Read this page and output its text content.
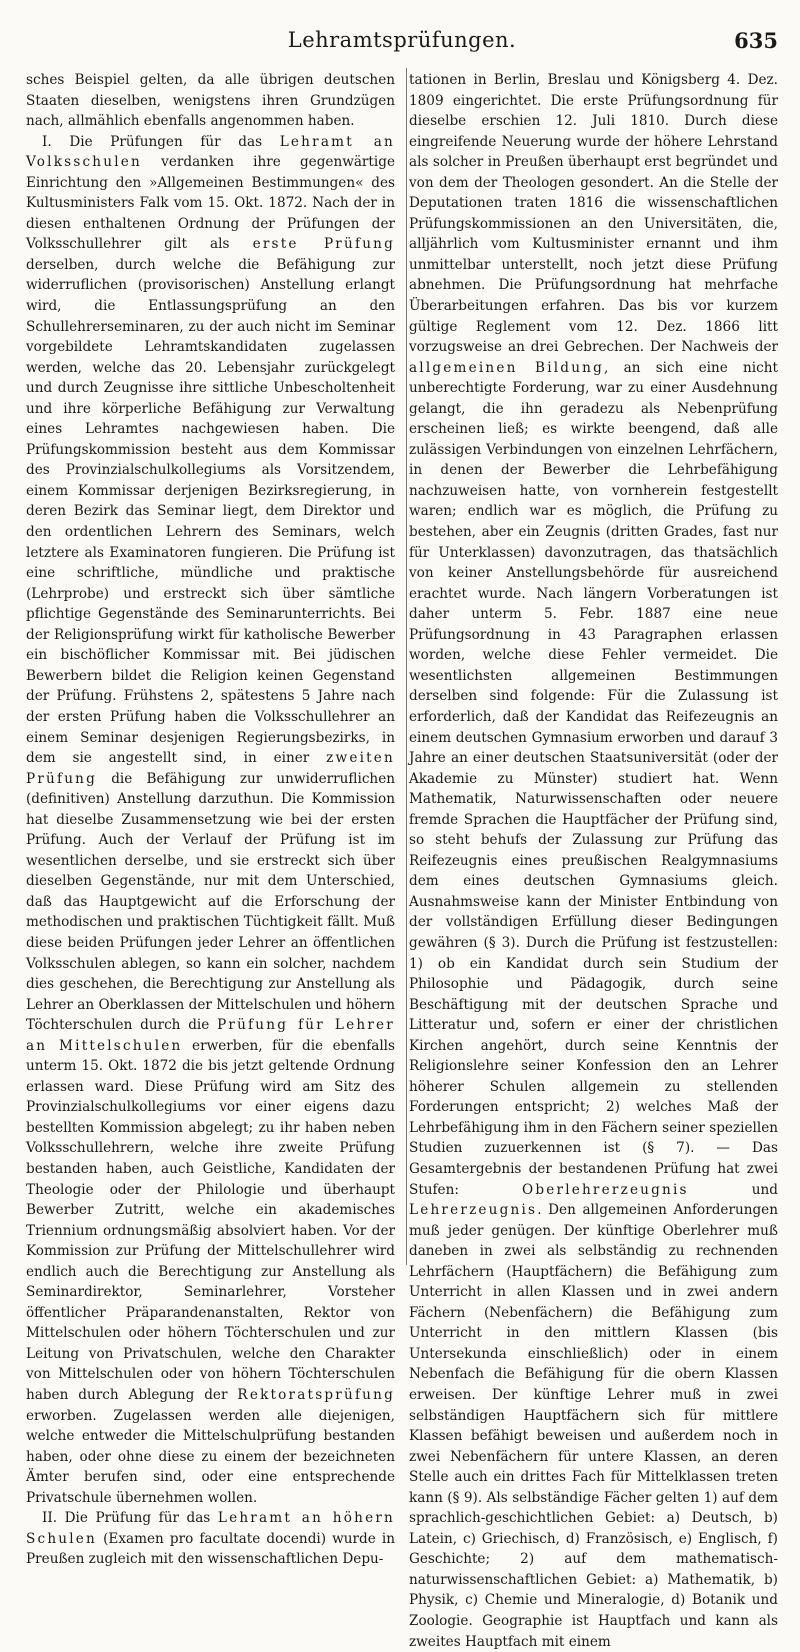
Lehramtsprüfungen.	635

sches Beispiel gelten, da alle übrigen deutschen Staaten dieselben, wenigstens ihren Grundzügen nach, allmählich ebenfalls angenommen haben.

I. Die Prüfungen für das Lehramt an Volksschulen verdanken ihre gegenwärtige Einrichtung den »Allgemeinen Bestimmungen« des Kultusministers Falk vom 15. Okt. 1872. Nach der in diesen enthaltenen Ordnung der Prüfungen der Volksschullehrer gilt als erste Prüfung derselben, durch welche die Befähigung zur widerruflichen (provisorischen) Anstellung erlangt wird, die Entlassungsprüfung an den Schullehrerseminaren, zu der auch nicht im Seminar vorgebildete Lehramtskandidaten zugelassen werden, welche das 20. Lebensjahr zurückgelegt und durch Zeugnisse ihre sittliche Unbescholtenheit und ihre körperliche Befähigung zur Verwaltung eines Lehramtes nachgewiesen haben. Die Prüfungskommission besteht aus dem Kommissar des Provinzialschulkollegiums als Vorsitzendem, einem Kommissar derjenigen Bezirksregierung, in deren Bezirk das Seminar liegt, dem Direktor und den ordentlichen Lehrern des Seminars, welch letztere als Examinatoren fungieren. Die Prüfung ist eine schriftliche, mündliche und praktische (Lehrprobe) und erstreckt sich über sämtliche pflichtige Gegenstände des Seminarunterrichts. Bei der Religionsprüfung wirkt für katholische Bewerber ein bischöflicher Kommissar mit. Bei jüdischen Bewerbern bildet die Religion keinen Gegenstand der Prüfung. Frühstens 2, spätestens 5 Jahre nach der ersten Prüfung haben die Volksschullehrer an einem Seminar desjenigen Regierungsbezirks, in dem sie angestellt sind, in einer zweiten Prüfung die Befähigung zur unwiderruflichen (definitiven) Anstellung darzuthun. Die Kommission hat dieselbe Zusammensetzung wie bei der ersten Prüfung. Auch der Verlauf der Prüfung ist im wesentlichen derselbe, und sie erstreckt sich über dieselben Gegenstände, nur mit dem Unterschied, daß das Hauptgewicht auf die Erforschung der methodischen und praktischen Tüchtigkeit fällt. Muß diese beiden Prüfungen jeder Lehrer an öffentlichen Volksschulen ablegen, so kann ein solcher, nachdem dies geschehen, die Berechtigung zur Anstellung als Lehrer an Oberklassen der Mittelschulen und höhern Töchterschulen durch die Prüfung für Lehrer an Mittelschulen erwerben, für die ebenfalls unterm 15. Okt. 1872 die bis jetzt geltende Ordnung erlassen ward. Diese Prüfung wird am Sitz des Provinzialschulkollegiums vor einer eigens dazu bestellten Kommission abgelegt; zu ihr haben neben Volksschullehrern, welche ihre zweite Prüfung bestanden haben, auch Geistliche, Kandidaten der Theologie oder der Philologie und überhaupt Bewerber Zutritt, welche ein akademisches Triennium ordnungsmäßig absolviert haben. Vor der Kommission zur Prüfung der Mittelschullehrer wird endlich auch die Berechtigung zur Anstellung als Seminardirektor, Seminarlehrer, Vorsteher öffentlicher Präparandenanstalten, Rektor von Mittelschulen oder höhern Töchterschulen und zur Leitung von Privatschulen, welche den Charakter von Mittelschulen oder von höhern Töchterschulen haben durch Ablegung der Rektoratsprüfung erworben. Zugelassen werden alle diejenigen, welche entweder die Mittelschulprüfung bestanden haben, oder ohne diese zu einem der bezeichneten Ämter berufen sind, oder eine entsprechende Privatschule übernehmen wollen.

II. Die Prüfung für das Lehramt an höhern Schulen (Examen pro facultate docendi) wurde in Preußen zugleich mit den wissenschaftlichen Depu-

tationen in Berlin, Breslau und Königsberg 4. Dez. 1809 eingerichtet. Die erste Prüfungsordnung für dieselbe erschien 12. Juli 1810. Durch diese eingreifende Neuerung wurde der höhere Lehrstand als solcher in Preußen überhaupt erst begründet und von dem der Theologen gesondert. An die Stelle der Deputationen traten 1816 die wissenschaftlichen Prüfungskommissionen an den Universitäten, die, alljährlich vom Kultusminister ernannt und ihm unmittelbar unterstellt, noch jetzt diese Prüfung abnehmen. Die Prüfungsordnung hat mehrfache Überarbeitungen erfahren. Das bis vor kurzem gültige Reglement vom 12. Dez. 1866 litt vorzugsweise an drei Gebrechen. Der Nachweis der allgemeinen Bildung, an sich eine nicht unberechtigte Forderung, war zu einer Ausdehnung gelangt, die ihn geradezu als Nebenprüfung erscheinen ließ; es wirkte beengend, daß alle zulässigen Verbindungen von einzelnen Lehrfächern, in denen der Bewerber die Lehrbefähigung nachzuweisen hatte, von vornherein festgestellt waren; endlich war es möglich, die Prüfung zu bestehen, aber ein Zeugnis (dritten Grades, fast nur für Unterklassen) davonzutragen, das thatsächlich von keiner Anstellungsbehörde für ausreichend erachtet wurde. Nach längern Vorberatungen ist daher unterm 5. Febr. 1887 eine neue Prüfungsordnung in 43 Paragraphen erlassen worden, welche diese Fehler vermeidet. Die wesentlichsten allgemeinen Bestimmungen derselben sind folgende: Für die Zulassung ist erforderlich, daß der Kandidat das Reifezeugnis an einem deutschen Gymnasium erworben und darauf 3 Jahre an einer deutschen Staatsuniversität (oder der Akademie zu Münster) studiert hat. Wenn Mathematik, Naturwissenschaften oder neuere fremde Sprachen die Hauptfächer der Prüfung sind, so steht behufs der Zulassung zur Prüfung das Reifezeugnis eines preußischen Realgymnasiums dem eines deutschen Gymnasiums gleich. Ausnahmsweise kann der Minister Entbindung von der vollständigen Erfüllung dieser Bedingungen gewähren (§ 3). Durch die Prüfung ist festzustellen: 1) ob ein Kandidat durch sein Studium der Philosophie und Pädagogik, durch seine Beschäftigung mit der deutschen Sprache und Litteratur und, sofern er einer der christlichen Kirchen angehört, durch seine Kenntnis der Religionslehre seiner Konfession den an Lehrer höherer Schulen allgemein zu stellenden Forderungen entspricht; 2) welches Maß der Lehrbefähigung ihm in den Fächern seiner speziellen Studien zuzuerkennen ist (§ 7). — Das Gesamtergebnis der bestandenen Prüfung hat zwei Stufen: Oberlehrerzeugnis und Lehrerzeugnis. Den allgemeinen Anforderungen muß jeder genügen. Der künftige Oberlehrer muß daneben in zwei als selbständig zu rechnenden Lehrfächern (Hauptfächern) die Befähigung zum Unterricht in allen Klassen und in zwei andern Fächern (Nebenfächern) die Befähigung zum Unterricht in den mittlern Klassen (bis Untersekunda einschließlich) oder in einem Nebenfach die Befähigung für die obern Klassen erweisen. Der künftige Lehrer muß in zwei selbständigen Hauptfächern sich für mittlere Klassen befähigt beweisen und außerdem noch in zwei Nebenfächern für untere Klassen, an deren Stelle auch ein drittes Fach für Mittelklassen treten kann (§ 9). Als selbständige Fächer gelten 1) auf dem sprachlich-geschichtlichen Gebiet: a) Deutsch, b) Latein, c) Griechisch, d) Französisch, e) Englisch, f) Geschichte; 2) auf dem mathematisch-naturwissenschaftlichen Gebiet: a) Mathematik, b) Physik, c) Chemie und Mineralogie, d) Botanik und Zoologie. Geographie ist Hauptfach und kann als zweites Hauptfach mit einem
